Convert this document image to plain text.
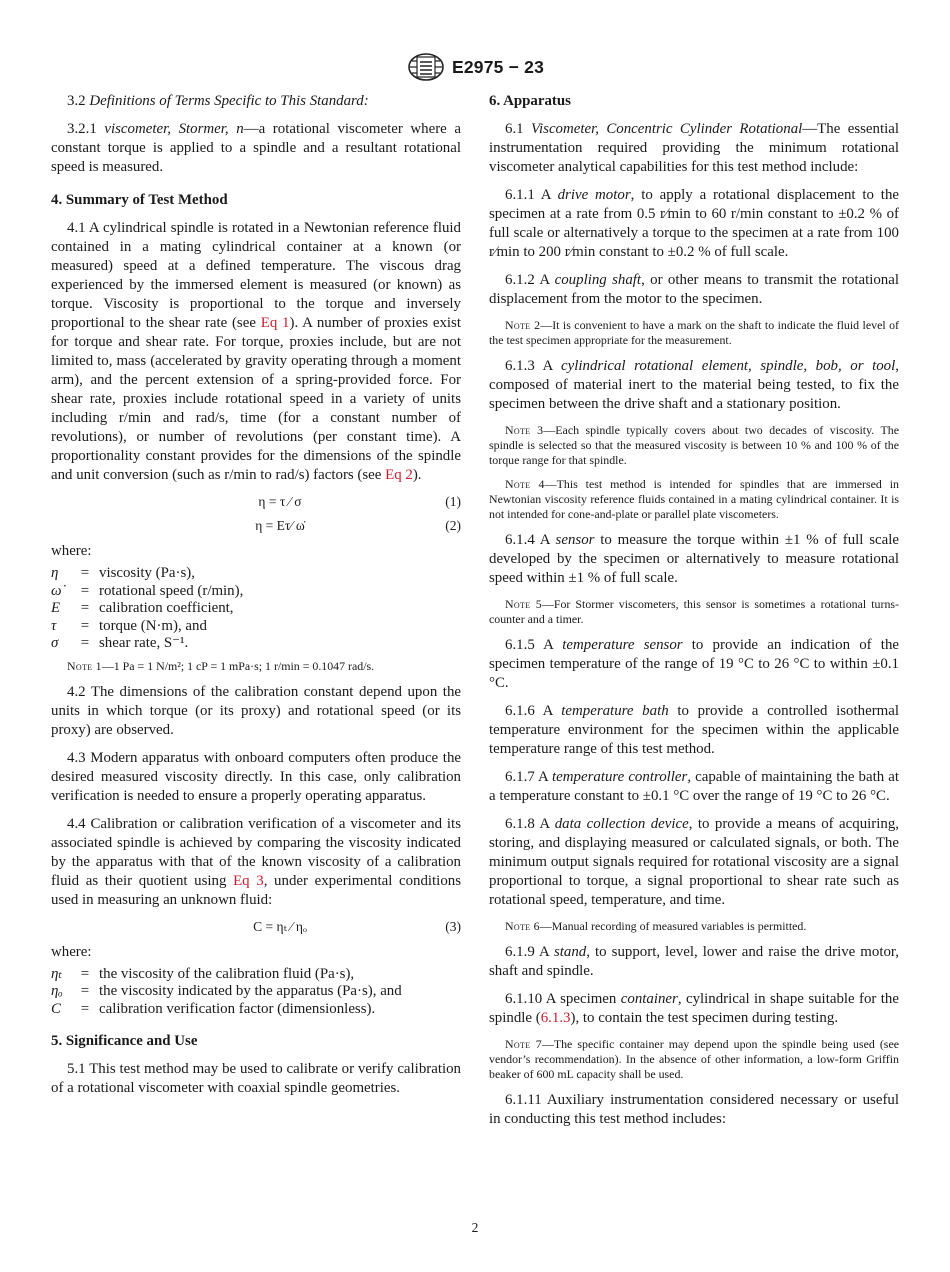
E2975 − 23

3.2 Definitions of Terms Specific to This Standard:

3.2.1 viscometer, Stormer, n—a rotational viscometer where a constant torque is applied to a spindle and a resultant rotational speed is measured.

4. Summary of Test Method

4.1 A cylindrical spindle is rotated in a Newtonian reference fluid contained in a mating cylindrical container at a known (or measured) speed at a defined temperature. The viscous drag experienced by the immersed element is measured (or known) as torque. Viscosity is proportional to the torque and inversely proportional to the shear rate (see Eq 1). A number of proxies exist for torque and shear rate. For torque, proxies include, but are not limited to, mass (accelerated by gravity operating through a moment arm), and the percent extension of a spring-provided force. For shear rate, proxies include rotational speed in a variety of units including r/min and rad/s, time (for a constant number of revolutions), or number of revolutions (per constant time). A proportionality constant provides for the dimensions of the spindle and unit conversion (such as r/min to rad/s) factors (see Eq 2).

η = τ ⁄ σ	(1)
η = Eτ⁄ ω̇	(2)
where:
η	=	viscosity (Pa·s),
ω̇	=	rotational speed (r/min),
E	=	calibration coefficient,
τ	=	torque (N·m), and
σ	=	shear rate, S⁻¹.
Note 1—1 Pa = 1 N/m²; 1 cP = 1 mPa·s; 1 r/min = 0.1047 rad/s.

4.2 The dimensions of the calibration constant depend upon the units in which torque (or its proxy) and rotational speed (or its proxy) are observed.

4.3 Modern apparatus with onboard computers often produce the desired measured viscosity directly. In this case, only calibration verification is needed to ensure a properly operating apparatus.

4.4 Calibration or calibration verification of a viscometer and its associated spindle is achieved by comparing the viscosity indicated by the apparatus with that of the known viscosity of a calibration fluid as their quotient using Eq 3, under experimental conditions used in measuring an unknown fluid:

C = ηₜ ⁄ ηₒ	(3)
where:
ηₜ	=	the viscosity of the calibration fluid (Pa·s),
ηₒ	=	the viscosity indicated by the apparatus (Pa·s), and
C	=	calibration verification factor (dimensionless).
5. Significance and Use

5.1 This test method may be used to calibrate or verify calibration of a rotational viscometer with coaxial spindle geometries.

6. Apparatus

6.1 Viscometer, Concentric Cylinder Rotational—The essential instrumentation required providing the minimum rotational viscometer analytical capabilities for this test method include:

6.1.1 A drive motor, to apply a rotational displacement to the specimen at a rate from 0.5 r⁄min to 60 r/min constant to ±0.2 % of full scale or alternatively a torque to the specimen at a rate from 100 r⁄min to 200 r⁄min constant to ±0.2 % of full scale.

6.1.2 A coupling shaft, or other means to transmit the rotational displacement from the motor to the specimen.

Note 2—It is convenient to have a mark on the shaft to indicate the fluid level of the test specimen appropriate for the measurement.

6.1.3 A cylindrical rotational element, spindle, bob, or tool, composed of material inert to the material being tested, to fix the specimen between the drive shaft and a stationary position.

Note 3—Each spindle typically covers about two decades of viscosity. The spindle is selected so that the measured viscosity is between 10 % and 100 % of the torque range for that spindle.
Note 4—This test method is intended for spindles that are immersed in Newtonian viscosity reference fluids contained in a mating cylindrical container. It is not intended for cone-and-plate or parallel plate viscometers.

6.1.4 A sensor to measure the torque within ±1 % of full scale developed by the specimen or alternatively to measure rotational speed within ±1 % of full scale.

Note 5—For Stormer viscometers, this sensor is sometimes a rotational turns-counter and a timer.

6.1.5 A temperature sensor to provide an indication of the specimen temperature of the range of 19 °C to 26 °C to within ±0.1 °C.

6.1.6 A temperature bath to provide a controlled isothermal temperature environment for the specimen within the applicable temperature range of this test method.

6.1.7 A temperature controller, capable of maintaining the bath at a temperature constant to ±0.1 °C over the range of 19 °C to 26 °C.

6.1.8 A data collection device, to provide a means of acquiring, storing, and displaying measured or calculated signals, or both. The minimum output signals required for rotational viscosity are a signal proportional to torque, a signal proportional to shear rate such as rotational speed, temperature, and time.

Note 6—Manual recording of measured variables is permitted.

6.1.9 A stand, to support, level, lower and raise the drive motor, shaft and spindle.

6.1.10 A specimen container, cylindrical in shape suitable for the spindle (6.1.3), to contain the test specimen during testing.

Note 7—The specific container may depend upon the spindle being used (see vendor’s recommendation). In the absence of other information, a low-form Griffin beaker of 600 mL capacity shall be used.

6.1.11 Auxiliary instrumentation considered necessary or useful in conducting this test method includes:

2
